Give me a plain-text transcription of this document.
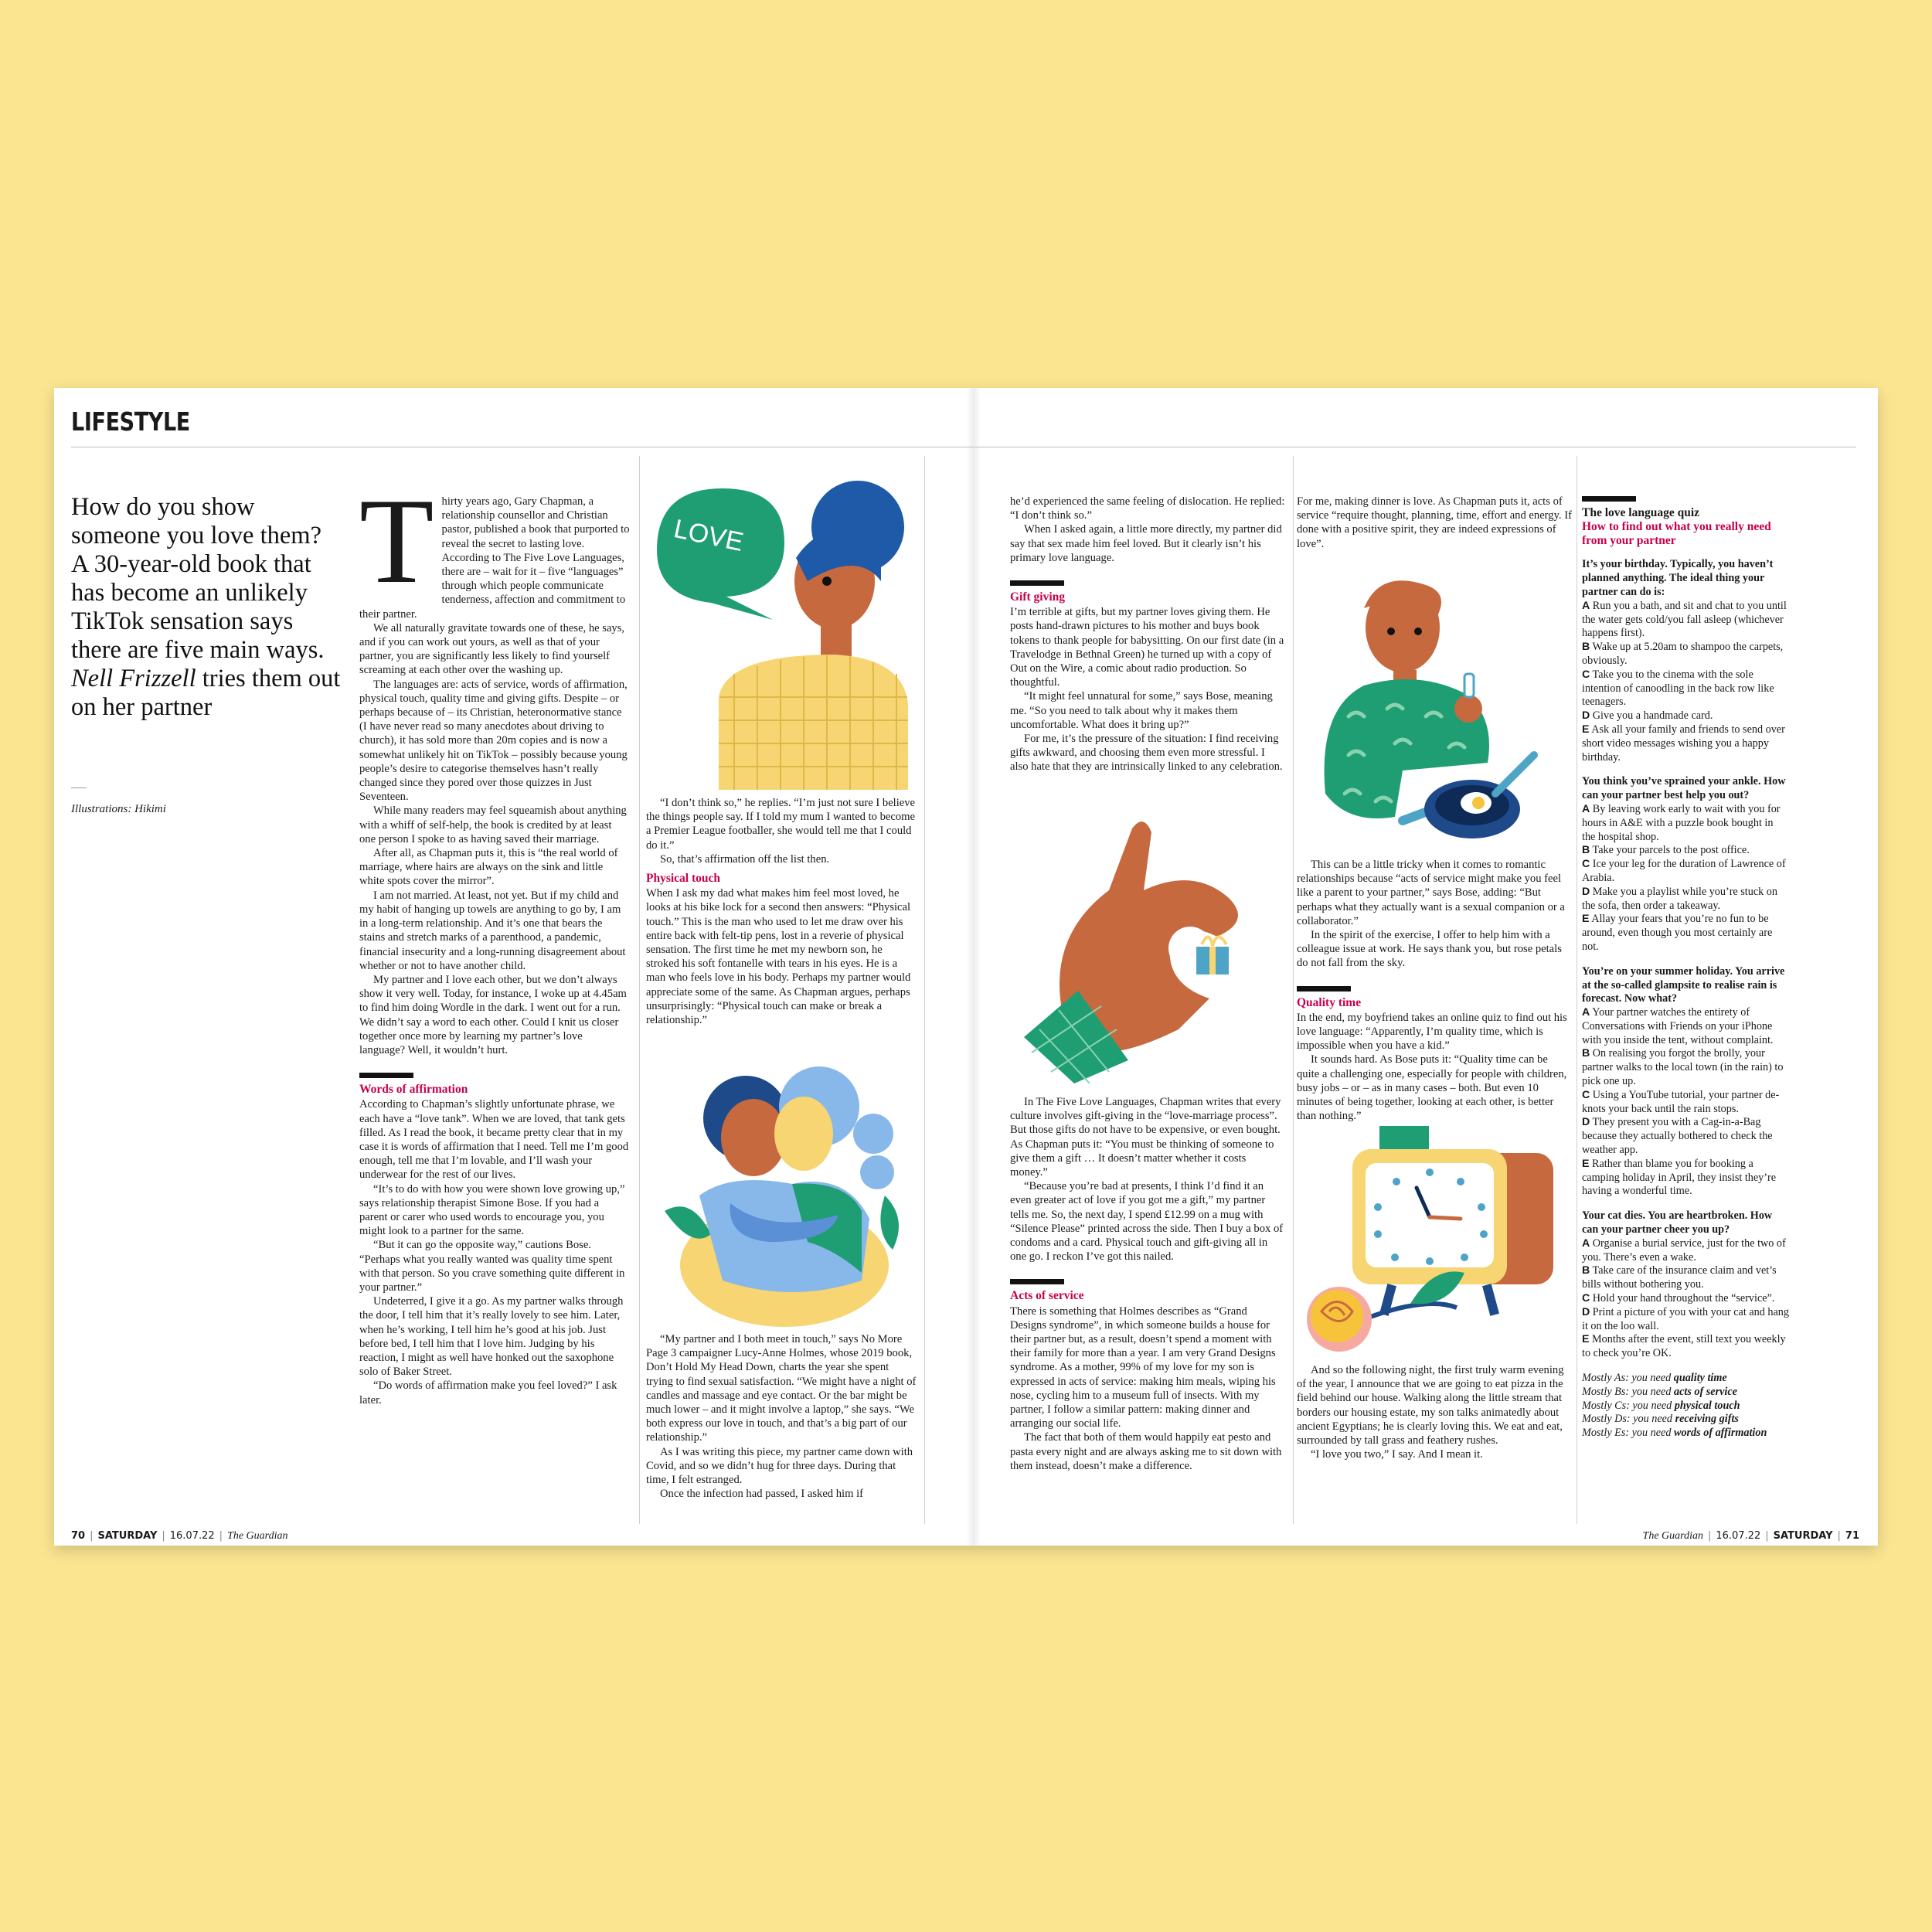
LIFESTYLE
How do you show someone you love them? A 30-year-old book that has become an unlikely TikTok sensation says there are five main ways. Nell Frizzell tries them out on her partner
Illustrations: Hikimi
T hirty years ago, Gary Chapman, a relationship counsellor and Christian pastor, published a book that purported to reveal the secret to lasting love. According to The Five Love Languages, there are – wait for it – five “languages” through which people communicate tenderness, affection and commitment to their partner.

We all naturally gravitate towards one of these, he says, and if you can work out yours, as well as that of your partner, you are significantly less likely to find yourself screaming at each other over the washing up.

The languages are: acts of service, words of affirmation, physical touch, quality time and giving gifts. Despite – or perhaps because of – its Christian, heteronormative stance (I have never read so many anecdotes about driving to church), it has sold more than 20m copies and is now a somewhat unlikely hit on TikTok – possibly because young people’s desire to categorise themselves hasn’t really changed since they pored over those quizzes in Just Seventeen.

While many readers may feel squeamish about anything with a whiff of self-help, the book is credited by at least one person I spoke to as having saved their marriage.

After all, as Chapman puts it, this is “the real world of marriage, where hairs are always on the sink and little white spots cover the mirror”.

I am not married. At least, not yet. But if my child and my habit of hanging up towels are anything to go by, I am in a long-term relationship. And it’s one that bears the stains and stretch marks of a parenthood, a pandemic, financial insecurity and a long-running disagreement about whether or not to have another child.

My partner and I love each other, but we don’t always show it very well. Today, for instance, I woke up at 4.45am to find him doing Wordle in the dark. I went out for a run. We didn’t say a word to each other. Could I knit us closer together once more by learning my partner’s love language? Well, it wouldn’t hurt.

Words of affirmation

According to Chapman’s slightly unfortunate phrase, we each have a “love tank”. When we are loved, that tank gets filled. As I read the book, it became pretty clear that in my case it is words of affirmation that I need. Tell me I’m good enough, tell me that I’m lovable, and I’ll wash your underwear for the rest of our lives.

“It’s to do with how you were shown love growing up,” says relationship therapist Simone Bose. If you had a parent or carer who used words to encourage you, you might look to a partner for the same.

“But it can go the opposite way,” cautions Bose. “Perhaps what you really wanted was quality time spent with that person. So you crave something quite different in your partner.”

Undeterred, I give it a go. As my partner walks through the door, I tell him that it’s really lovely to see him. Later, when he’s working, I tell him he’s good at his job. Just before bed, I tell him that I love him. Judging by his reaction, I might as well have honked out the saxophone solo of Baker Street.

“Do words of affirmation make you feel loved?” I ask later.

LOVE

“I don’t think so,” he replies. “I’m just not sure I believe the things people say. If I told my mum I wanted to become a Premier League footballer, she would tell me that I could do it.”

So, that’s affirmation off the list then.

Physical touch

When I ask my dad what makes him feel most loved, he looks at his bike lock for a second then answers: “Physical touch.” This is the man who used to let me draw over his entire back with felt-tip pens, lost in a reverie of physical sensation. The first time he met my newborn son, he stroked his soft fontanelle with tears in his eyes. He is a man who feels love in his body. Perhaps my partner would appreciate some of the same. As Chapman argues, perhaps unsurprisingly: “Physical touch can make or break a relationship.”

“My partner and I both meet in touch,” says No More Page 3 campaigner Lucy-Anne Holmes, whose 2019 book, Don’t Hold My Head Down, charts the year she spent trying to find sexual satisfaction. “We might have a night of candles and massage and eye contact. Or the bar might be much lower – and it might involve a laptop,” she says. “We both express our love in touch, and that’s a big part of our relationship.”

As I was writing this piece, my partner came down with Covid, and so we didn’t hug for three days. During that time, I felt estranged.

Once the infection had passed, I asked him if

he’d experienced the same feeling of dislocation. He replied: “I don’t think so.”

When I asked again, a little more directly, my partner did say that sex made him feel loved. But it clearly isn’t his primary love language.

Gift giving

I’m terrible at gifts, but my partner loves giving them. He posts hand-drawn pictures to his mother and buys book tokens to thank people for babysitting. On our first date (in a Travelodge in Bethnal Green) he turned up with a copy of Out on the Wire, a comic about radio production. So thoughtful.

“It might feel unnatural for some,” says Bose, meaning me. “So you need to talk about why it makes them uncomfortable. What does it bring up?”

For me, it’s the pressure of the situation: I find receiving gifts awkward, and choosing them even more stressful. I also hate that they are intrinsically linked to any celebration.

In The Five Love Languages, Chapman writes that every culture involves gift-giving in the “love-marriage process”. But those gifts do not have to be expensive, or even bought. As Chapman puts it: “You must be thinking of someone to give them a gift … It doesn’t matter whether it costs money.”

“Because you’re bad at presents, I think I’d find it an even greater act of love if you got me a gift,” my partner tells me. So, the next day, I spend £12.99 on a mug with “Silence Please” printed across the side. Then I buy a box of condoms and a card. Physical touch and gift-giving all in one go. I reckon I’ve got this nailed.

Acts of service

There is something that Holmes describes as “Grand Designs syndrome”, in which someone builds a house for their partner but, as a result, doesn’t spend a moment with their family for more than a year. I am very Grand Designs syndrome. As a mother, 99% of my love for my son is expressed in acts of service: making him meals, wiping his nose, cycling him to a museum full of insects. With my partner, I follow a similar pattern: making dinner and arranging our social life.

The fact that both of them would happily eat pesto and pasta every night and are always asking me to sit down with them instead, doesn’t make a difference.

For me, making dinner is love. As Chapman puts it, acts of service “require thought, planning, time, effort and energy. If done with a positive spirit, they are indeed expressions of love”.

This can be a little tricky when it comes to romantic relationships because “acts of service might make you feel like a parent to your partner,” says Bose, adding: “But perhaps what they actually want is a sexual companion or a collaborator.”

In the spirit of the exercise, I offer to help him with a colleague issue at work. He says thank you, but rose petals do not fall from the sky.

Quality time

In the end, my boyfriend takes an online quiz to find out his love language: “Apparently, I’m quality time, which is impossible when you have a kid.”

It sounds hard. As Bose puts it: “Quality time can be quite a challenging one, especially for people with children, busy jobs – or – as in many cases – both. But even 10 minutes of being together, looking at each other, is better than nothing.”

And so the following night, the first truly warm evening of the year, I announce that we are going to eat pizza in the field behind our house. Walking along the little stream that borders our housing estate, my son talks animatedly about ancient Egyptians; he is clearly loving this. We eat and eat, surrounded by tall grass and feathery rushes.

“I love you two,” I say. And I mean it.

The love language quiz
How to find out what you really need from your partner
It’s your birthday. Typically, you haven’t planned anything. The ideal thing your partner can do is:
A Run you a bath, and sit and chat to you until the water gets cold/you fall asleep (whichever happens first).
B Wake up at 5.20am to shampoo the carpets, obviously.
C Take you to the cinema with the sole intention of canoodling in the back row like teenagers.
D Give you a handmade card.
E Ask all your family and friends to send over short video messages wishing you a happy birthday.
You think you’ve sprained your ankle. How can your partner best help you out?
A By leaving work early to wait with you for hours in A&E with a puzzle book bought in the hospital shop.
B Take your parcels to the post office.
C Ice your leg for the duration of Lawrence of Arabia.
D Make you a playlist while you’re stuck on the sofa, then order a takeaway.
E Allay your fears that you’re no fun to be around, even though you most certainly are not.
You’re on your summer holiday. You arrive at the so-called glampsite to realise rain is forecast. Now what?
A Your partner watches the entirety of Conversations with Friends on your iPhone with you inside the tent, without complaint.
B On realising you forgot the brolly, your partner walks to the local town (in the rain) to pick one up.
C Using a YouTube tutorial, your partner de-knots your back until the rain stops.
D They present you with a Cag-in-a-Bag because they actually bothered to check the weather app.
E Rather than blame you for booking a camping holiday in April, they insist they’re having a wonderful time.
Your cat dies. You are heartbroken. How can your partner cheer you up?
A Organise a burial service, just for the two of you. There’s even a wake.
B Take care of the insurance claim and vet’s bills without bothering you.
C Hold your hand throughout the “service”.
D Print a picture of you with your cat and hang it on the loo wall.
E Months after the event, still text you weekly to check you’re OK.
Mostly As: you need quality time
Mostly Bs: you need acts of service
Mostly Cs: you need physical touch
Mostly Ds: you need receiving gifts
Mostly Es: you need words of affirmation
70 | SATURDAY | 16.07.22 | The Guardian	The Guardian | 16.07.22 | SATURDAY | 71
